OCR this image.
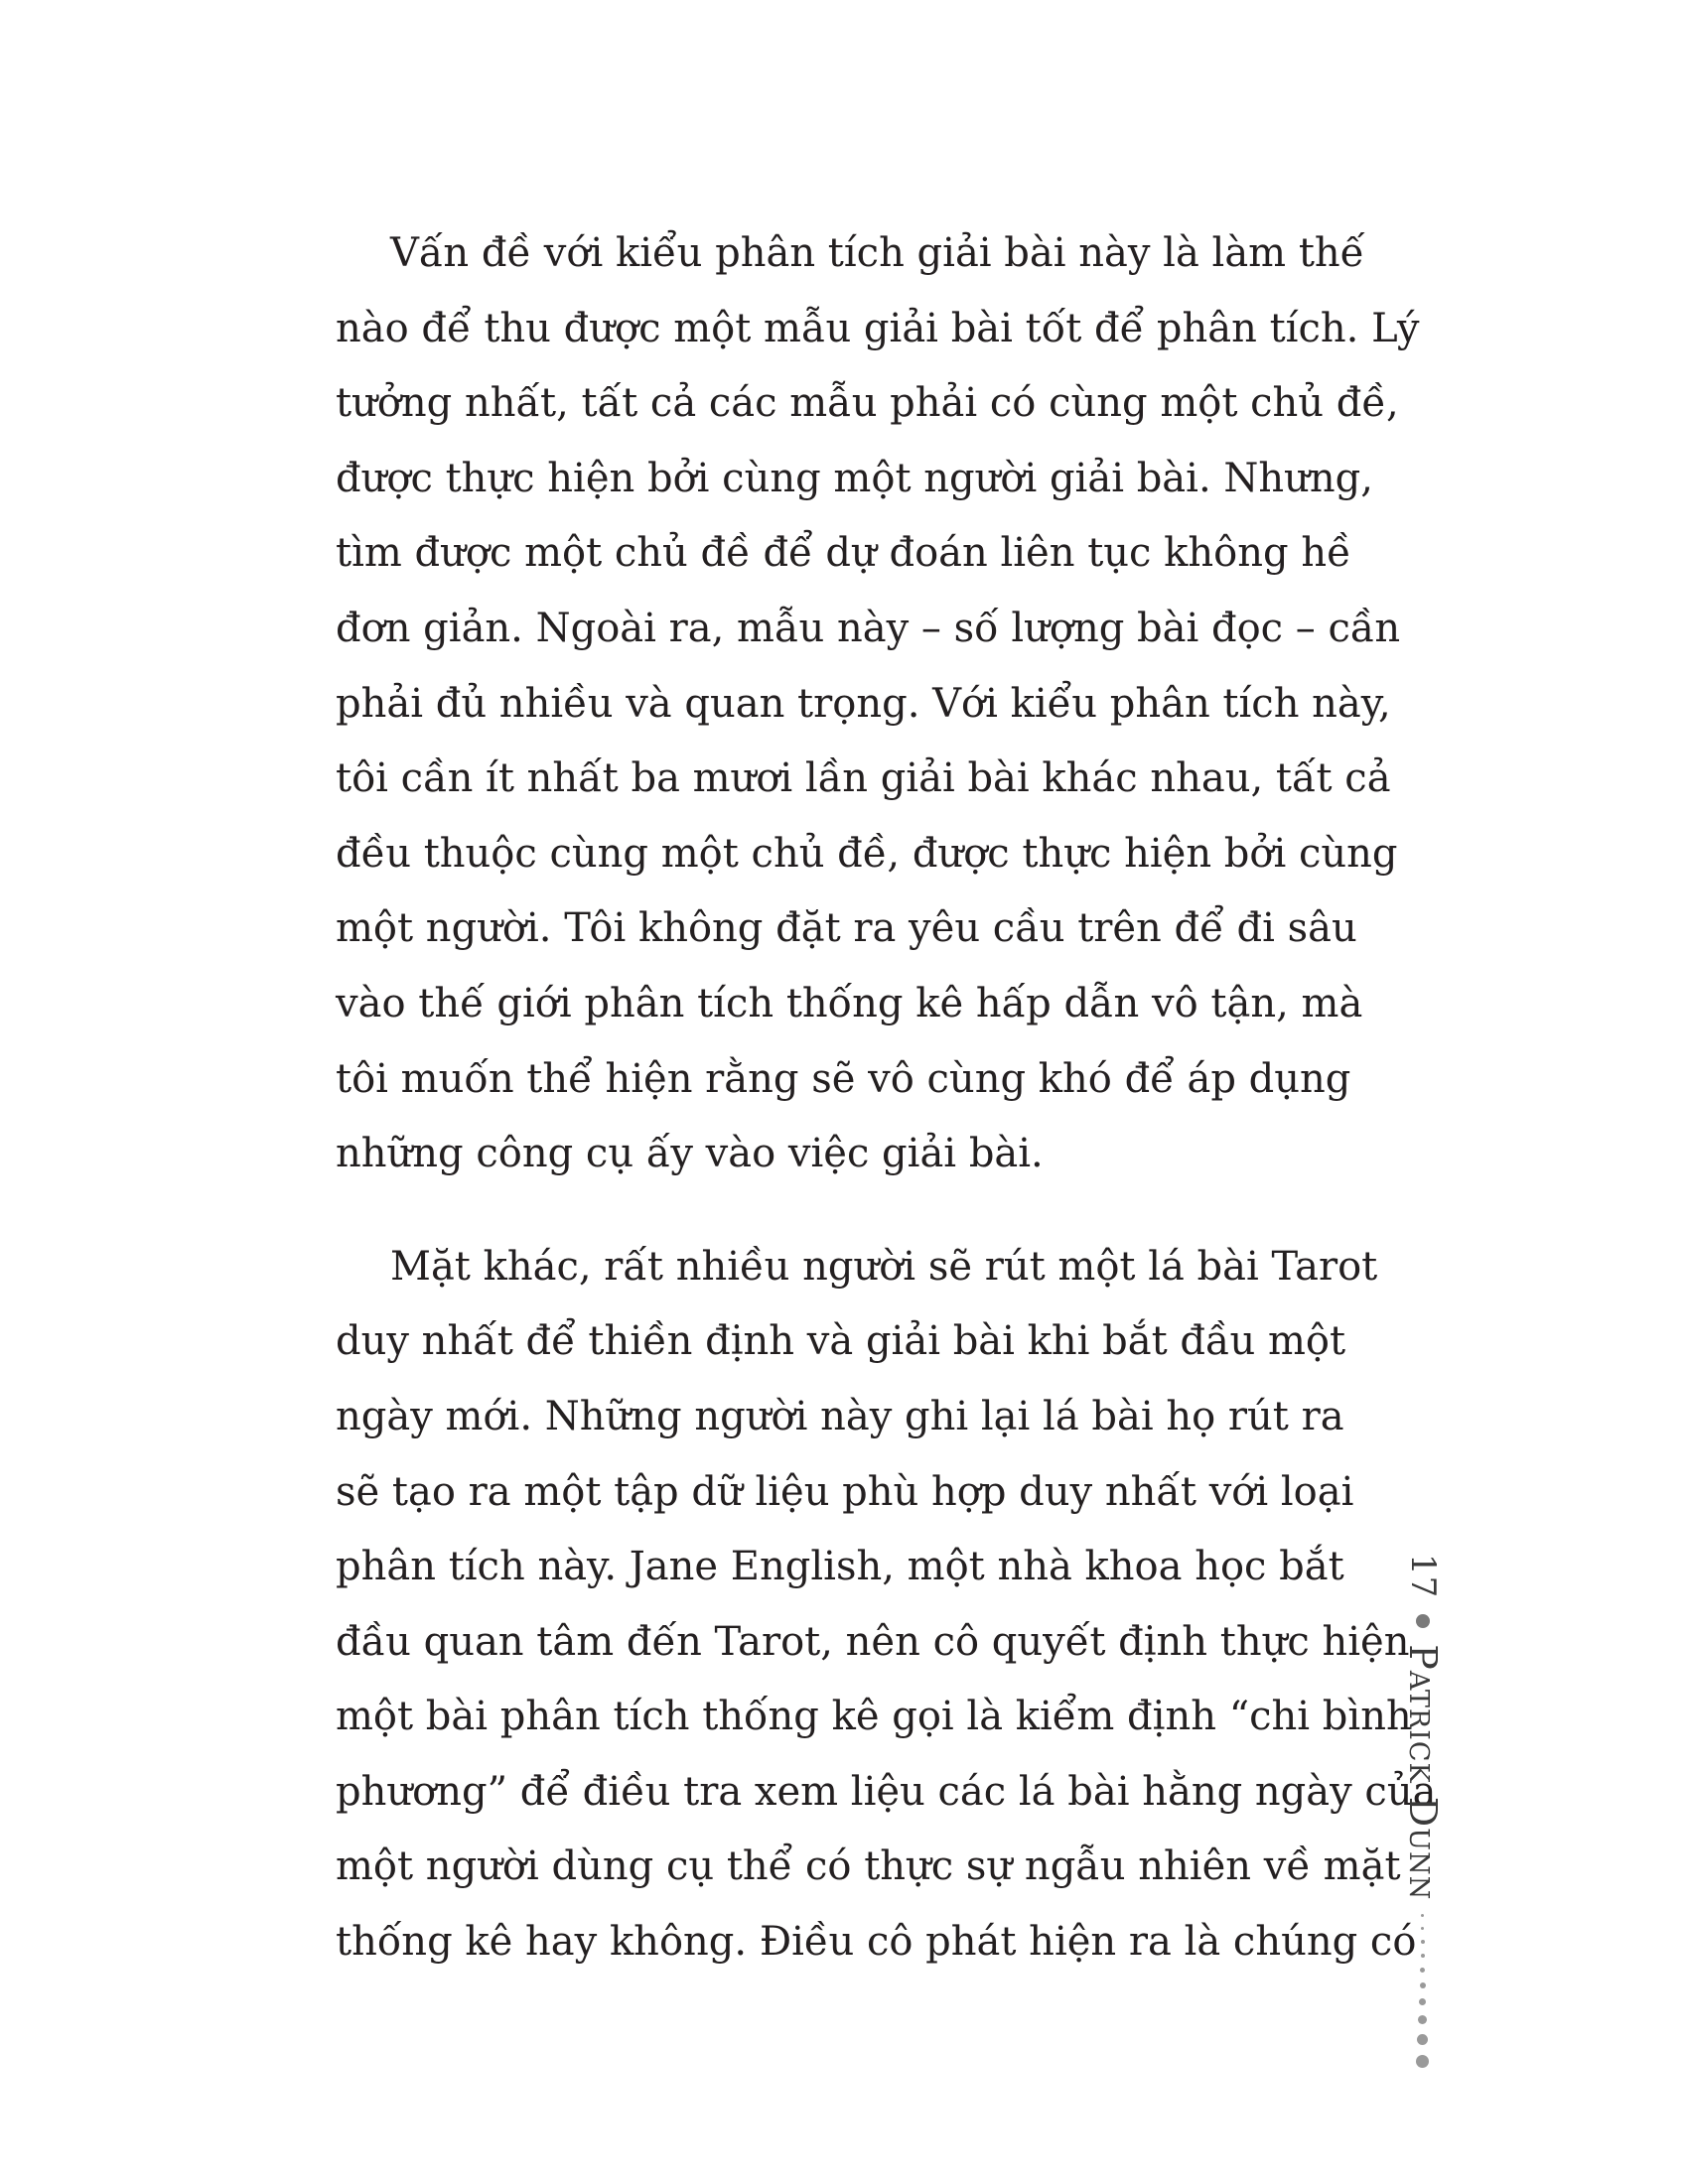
Vấn đề với kiểu phân tích giải bài này là làm thế
nào để thu được một mẫu giải bài tốt để phân tích. Lý
tưởng nhất, tất cả các mẫu phải có cùng một chủ đề,
được thực hiện bởi cùng một người giải bài. Nhưng,
tìm được một chủ đề để dự đoán liên tục không hề
đơn giản. Ngoài ra, mẫu này – số lượng bài đọc – cần
phải đủ nhiều và quan trọng. Với kiểu phân tích này,
tôi cần ít nhất ba mươi lần giải bài khác nhau, tất cả
đều thuộc cùng một chủ đề, được thực hiện bởi cùng
một người. Tôi không đặt ra yêu cầu trên để đi sâu
vào thế giới phân tích thống kê hấp dẫn vô tận, mà
tôi muốn thể hiện rằng sẽ vô cùng khó để áp dụng
những công cụ ấy vào việc giải bài.

Mặt khác, rất nhiều người sẽ rút một lá bài Tarot
duy nhất để thiền định và giải bài khi bắt đầu một
ngày mới. Những người này ghi lại lá bài họ rút ra
sẽ tạo ra một tập dữ liệu phù hợp duy nhất với loại
phân tích này. Jane English, một nhà khoa học bắt
đầu quan tâm đến Tarot, nên cô quyết định thực hiện
một bài phân tích thống kê gọi là kiểm định “chi bình
phương” để điều tra xem liệu các lá bài hằng ngày của
một người dùng cụ thể có thực sự ngẫu nhiên về mặt
thống kê hay không. Điều cô phát hiện ra là chúng có

17
Patrick Dunn
